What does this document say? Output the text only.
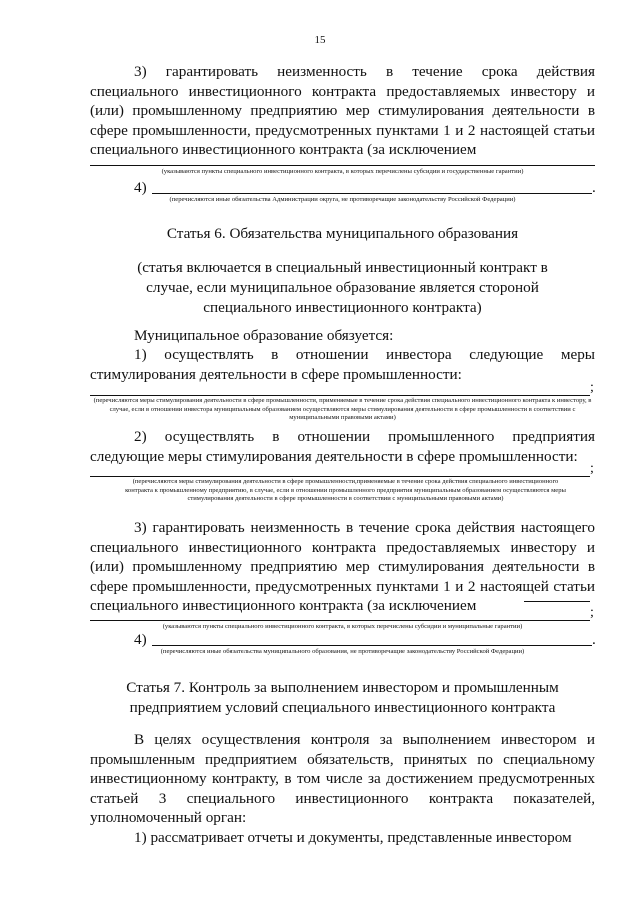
15
3) гарантировать неизменность в течение срока действия специального инвестиционного контракта предоставляемых инвестору и (или) промышленному предприятию мер стимулирования деятельности в сфере промышленности, предусмотренных пунктами 1 и 2 настоящей статьи специального инвестиционного контракта (за исключением
(указываются пункты специального инвестиционного контракта, в которых перечислены субсидии и государственные гарантии)
4)	.
(перечисляются иные обязательства Администрации округа, не противоречащие законодательству Российской Федерации)
Статья 6. Обязательства муниципального образования
(статья включается в специальный инвестиционный контракт в случае, если муниципальное образование является стороной специального инвестиционного контракта)
Муниципальное образование обязуется:
1) осуществлять в отношении инвестора следующие меры стимулирования деятельности в сфере промышленности:
;
(перечисляются меры стимулирования деятельности в сфере промышленности, применяемые в течение срока действия специального инвестиционного контракта к инвестору, в случае, если в отношении инвестора муниципальным образованием осуществляются меры стимулирования деятельности в сфере промышленности в соответствии с муниципальными правовыми актами)
2) осуществлять в отношении промышленного предприятия следующие меры стимулирования деятельности в сфере промышленности:
;
(перечисляются меры стимулирования деятельности в сфере промышленности,применяемые в течение срока действия специального инвестиционного контракта к промышленному предприятию, в случае, если в отношении промышленного предприятия муниципальным образованием осуществляются меры стимулирования деятельности в сфере промышленности в соответствии с муниципальными правовыми актами)
3) гарантировать неизменность в течение срока действия настоящего специального инвестиционного контракта предоставляемых инвестору и (или) промышленному предприятию мер стимулирования деятельности в сфере промышленности, предусмотренных пунктами 1 и 2 настоящей статьи специального инвестиционного контракта (за исключением	;
(указываются пункты специального инвестиционного контракта, в которых перечислены субсидии и муниципальные гарантии)
4)	.
(перечисляются иные обязательства муниципального образования, не противоречащие законодательству Российской Федерации)
Статья 7. Контроль за выполнением инвестором и промышленным предприятием условий специального инвестиционного контракта
В целях осуществления контроля за выполнением инвестором и промышленным предприятием обязательств, принятых по специальному инвестиционному контракту, в том числе за достижением предусмотренных статьей 3 специального инвестиционного контракта показателей, уполномоченный орган:
1) рассматривает отчеты и документы, представленные инвестором
